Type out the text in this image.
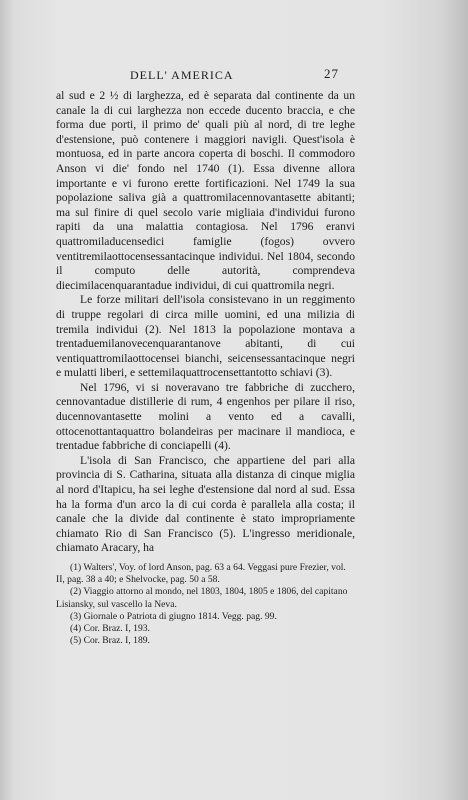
DELL' AMERICA	27

al sud e 2 ½ di larghezza, ed è separata dal continente da un canale la di cui larghezza non eccede ducento braccia, e che forma due porti, il primo de' quali più al nord, di tre leghe d'estensione, può contenere i maggiori navigli. Quest'isola è montuosa, ed in parte ancora coperta di boschi. Il commodoro Anson vi die' fondo nel 1740 (1). Essa divenne allora importante e vi furono erette fortificazioni. Nel 1749 la sua popolazione saliva già a quattromilacennovantasette abitanti; ma sul finire di quel secolo varie migliaia d'individui furono rapiti da una malattia contagiosa. Nel 1796 eranvi quattromiladucensedici famiglie (fogos) ovvero ventitremilaottocensessantacinque individui. Nel 1804, secondo il computo delle autorità, comprendeva diecimilacenquarantadue individui, di cui quattromila negri.

Le forze militari dell'isola consistevano in un reggimento di truppe regolari di circa mille uomini, ed una milizia di tremila individui (2). Nel 1813 la popolazione montava a trentaduemilanovecenquarantanove abitanti, di cui ventiquattromilaottocensei bianchi, seicensessantacinque negri e mulatti liberi, e settemilaquattrocensettantotto schiavi (3).

Nel 1796, vi si noveravano tre fabbriche di zucchero, cennovantadue distillerie di rum, 4 engenhos per pilare il riso, ducennovantasette molini a vento ed a cavalli, ottocenottantaquattro bolandeiras per macinare il mandioca, e trentadue fabbriche di conciapelli (4).

L'isola di San Francisco, che appartiene del pari alla provincia di S. Catharina, situata alla distanza di cinque miglia al nord d'Itapicu, ha sei leghe d'estensione dal nord al sud. Essa ha la forma d'un arco la di cui corda è parallela alla costa; il canale che la divide dal continente è stato impropriamente chiamato Rio di San Francisco (5). L'ingresso meridionale, chiamato Aracary, ha

(1) Walters', Voy. of lord Anson, pag. 63 a 64. Veggasi pure Frezier, vol. II, pag. 38 a 40; e Shelvocke, pag. 50 a 58.

(2) Viaggio attorno al mondo, nel 1803, 1804, 1805 e 1806, del capitano Lisiansky, sul vascello la Neva.

(3) Giornale o Patriota di giugno 1814. Vegg. pag. 99.

(4) Cor. Braz. I, 193.

(5) Cor. Braz. I, 189.
